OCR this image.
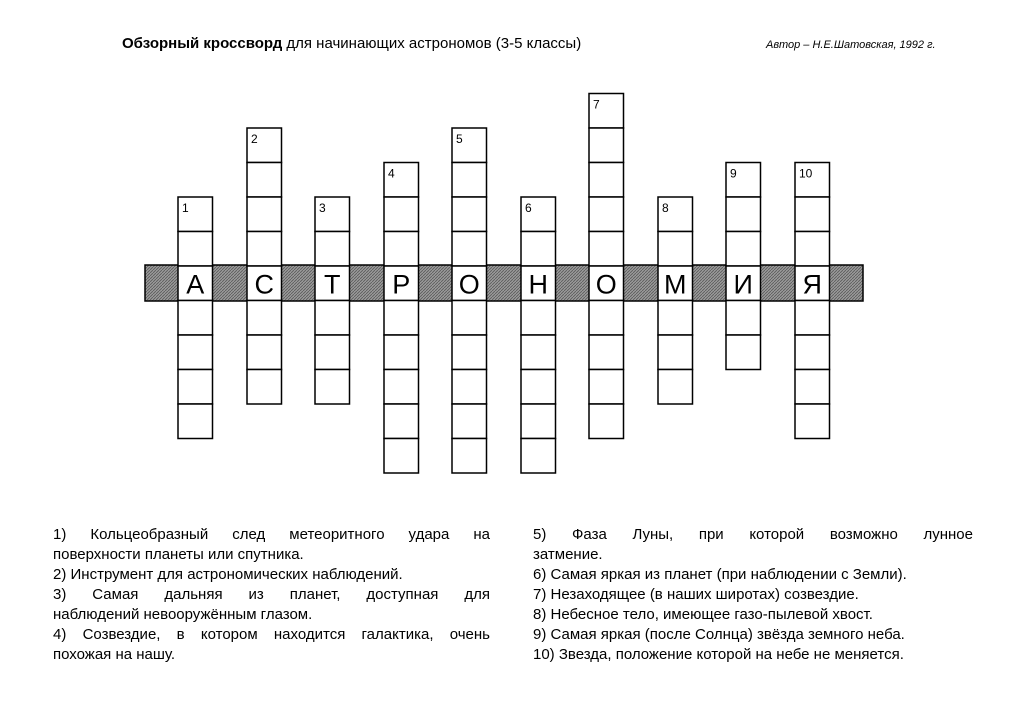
Обзорный кроссворд для начинающих астрономов (3-5 классы)	Автор – Н.Е.Шатовская, 1992 г.
1
А
2
С
3
Т
4
Р
5
О
6
Н
7
О
8
М
9
И
10
Я

1) Кольцеобразный след метеоритного удара на

поверхности планеты или спутника.

2) Инструмент для астрономических наблюдений.

3) Самая дальняя из планет, доступная для

наблюдений невооружённым глазом.

4) Созвездие, в котором находится галактика, очень

похожая на нашу.

5) Фаза Луны, при которой возможно лунное

затмение.

6) Самая яркая из планет (при наблюдении с Земли).

7) Незаходящее (в наших широтах) созвездие.

8) Небесное тело, имеющее газо-пылевой хвост.

9) Самая яркая (после Солнца) звёзда земного неба.

10) Звезда, положение которой на небе не меняется.
